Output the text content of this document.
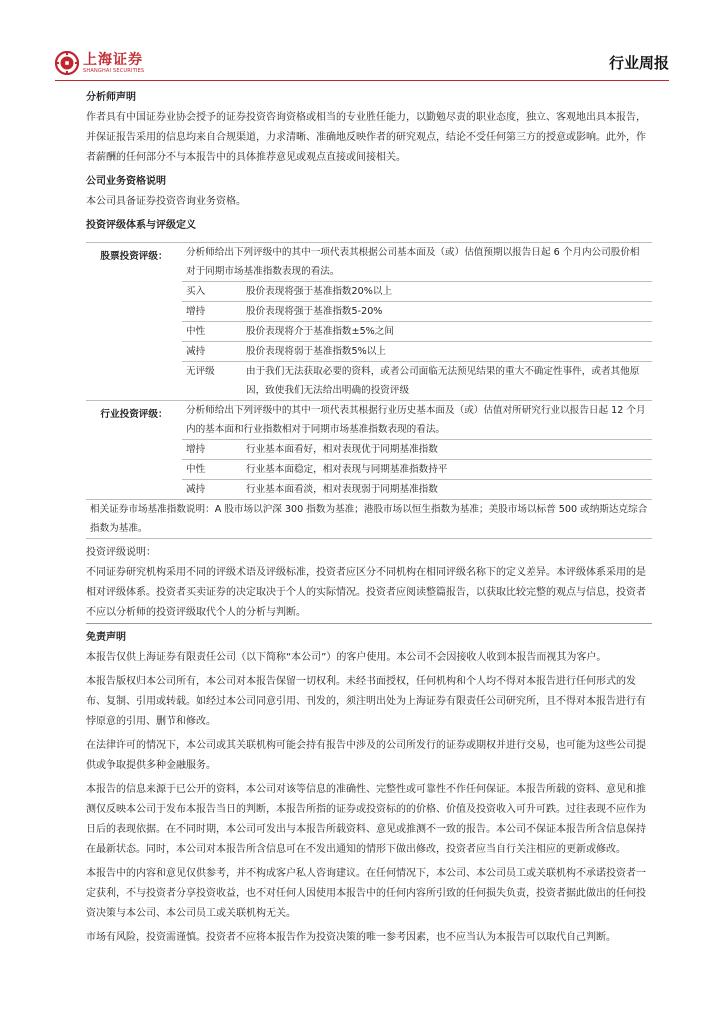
上海证券
SHANGHAI SECURITIES	行业周报
分析师声明

作者具有中国证券业协会授予的证券投资咨询资格或相当的专业胜任能力，以勤勉尽责的职业态度，独立、客观地出具本报告，并保证报告采用的信息均来自合规渠道，力求清晰、准确地反映作者的研究观点，结论不受任何第三方的授意或影响。此外，作者薪酬的任何部分不与本报告中的具体推荐意见或观点直接或间接相关。

公司业务资格说明

本公司具备证券投资咨询业务资格。

投资评级体系与评级定义
股票投资评级：	分析师给出下列评级中的其中一项代表其根据公司基本面及（或）估值预期以报告日起 6 个月内公司股价相对于同期市场基准指数表现的看法。	
	买入	股价表现将强于基准指数20%以上
	增持	股价表现将强于基准指数5-20%
	中性	股价表现将介于基准指数±5%之间
	减持	股价表现将弱于基准指数5%以上
	无评级	由于我们无法获取必要的资料，或者公司面临无法预见结果的重大不确定性事件，或者其他原因，致使我们无法给出明确的投资评级
行业投资评级：	分析师给出下列评级中的其中一项代表其根据行业历史基本面及（或）估值对所研究行业以报告日起 12 个月内的基本面和行业指数相对于同期市场基准指数表现的看法。	
	增持	行业基本面看好，相对表现优于同期基准指数
	中性	行业基本面稳定，相对表现与同期基准指数持平
	减持	行业基本面看淡，相对表现弱于同期基准指数
相关证券市场基准指数说明：A 股市场以沪深 300 指数为基准；港股市场以恒生指数为基准；美股市场以标普 500 或纳斯达克综合指数为基准。		

投资评级说明：

不同证券研究机构采用不同的评级术语及评级标准，投资者应区分不同机构在相同评级名称下的定义差异。本评级体系采用的是相对评级体系。投资者买卖证券的决定取决于个人的实际情况。投资者应阅读整篇报告，以获取比较完整的观点与信息，投资者不应以分析师的投资评级取代个人的分析与判断。

免责声明

本报告仅供上海证券有限责任公司（以下简称“本公司”）的客户使用。本公司不会因接收人收到本报告而视其为客户。

本报告版权归本公司所有，本公司对本报告保留一切权利。未经书面授权，任何机构和个人均不得对本报告进行任何形式的发布、复制、引用或转载。如经过本公司同意引用、刊发的，须注明出处为上海证券有限责任公司研究所，且不得对本报告进行有悖原意的引用、删节和修改。

在法律许可的情况下，本公司或其关联机构可能会持有报告中涉及的公司所发行的证券或期权并进行交易，也可能为这些公司提供或争取提供多种金融服务。

本报告的信息来源于已公开的资料，本公司对该等信息的准确性、完整性或可靠性不作任何保证。本报告所载的资料、意见和推测仅反映本公司于发布本报告当日的判断，本报告所指的证券或投资标的的价格、价值及投资收入可升可跌。过往表现不应作为日后的表现依据。在不同时期，本公司可发出与本报告所载资料、意见或推测不一致的报告。本公司不保证本报告所含信息保持在最新状态。同时，本公司对本报告所含信息可在不发出通知的情形下做出修改，投资者应当自行关注相应的更新或修改。

本报告中的内容和意见仅供参考，并不构成客户私人咨询建议。在任何情况下，本公司、本公司员工或关联机构不承诺投资者一定获利，不与投资者分享投资收益，也不对任何人因使用本报告中的任何内容所引致的任何损失负责，投资者据此做出的任何投资决策与本公司、本公司员工或关联机构无关。

市场有风险，投资需谨慎。投资者不应将本报告作为投资决策的唯一参考因素，也不应当认为本报告可以取代自己判断。
